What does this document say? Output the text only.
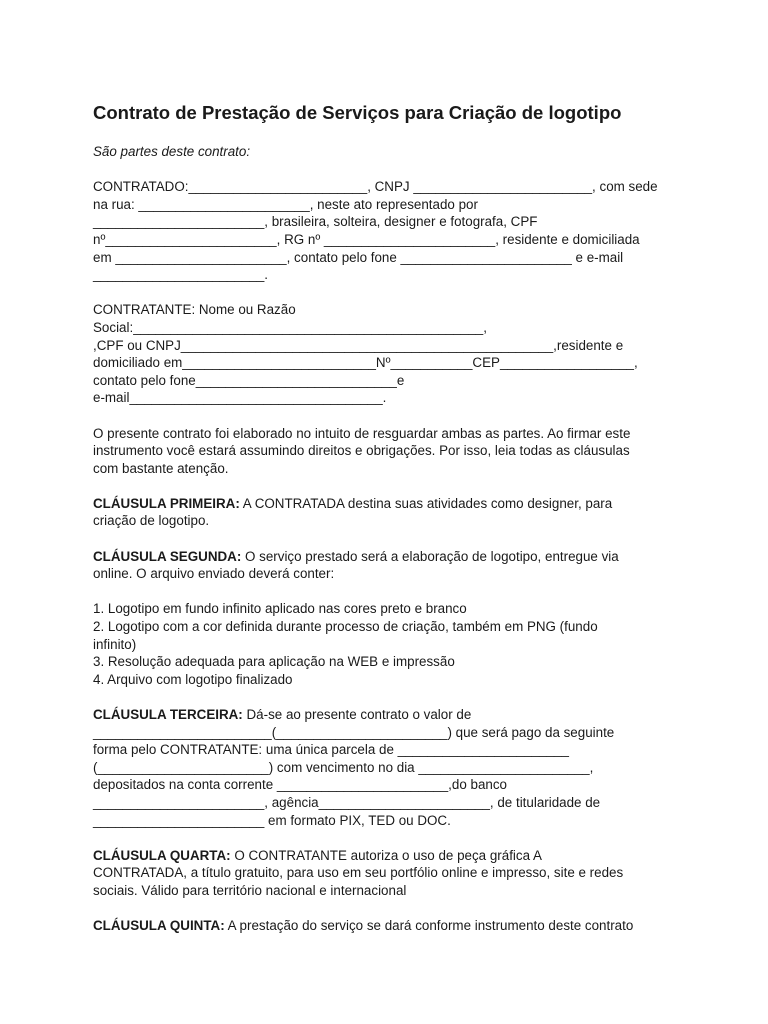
Contrato de Prestação de Serviços para Criação de logotipo

São partes deste contrato:

CONTRATADO:________________________, CNPJ ________________________, com sede
na rua: _______________________, neste ato representado por
_______________________, brasileira, solteira, designer e fotografa, CPF
nº_______________________, RG nº _______________________, residente e domiciliada
em _______________________, contato pelo fone _______________________ e e-mail
_______________________.
CONTRATANTE: Nome ou Razão
Social:_______________________________________________,
,CPF ou CNPJ__________________________________________________,residente e
domiciliado em__________________________Nº___________CEP__________________,
contato pelo fone___________________________e
e-mail__________________________________.
O presente contrato foi elaborado no intuito de resguardar ambas as partes. Ao firmar este
instrumento você estará assumindo direitos e obrigações. Por isso, leia todas as cláusulas
com bastante atenção.
CLÁUSULA PRIMEIRA: A CONTRATADA destina suas atividades como designer, para
criação de logotipo.
CLÁUSULA SEGUNDA: O serviço prestado será a elaboração de logotipo, entregue via
online. O arquivo enviado deverá conter:
1. Logotipo em fundo infinito aplicado nas cores preto e branco
2. Logotipo com a cor definida durante processo de criação, também em PNG (fundo
infinito)
3. Resolução adequada para aplicação na WEB e impressão
4. Arquivo com logotipo finalizado
CLÁUSULA TERCEIRA: Dá-se ao presente contrato o valor de
________________________(_______________________) que será pago da seguinte
forma pelo CONTRATANTE: uma única parcela de _______________________
(_______________________) com vencimento no dia _______________________,
depositados na conta corrente _______________________,do banco
_______________________, agência_______________________, de titularidade de
_______________________ em formato PIX, TED ou DOC.
CLÁUSULA QUARTA: O CONTRATANTE autoriza o uso de peça gráfica A
CONTRATADA, a título gratuito, para uso em seu portfólio online e impresso, site e redes
sociais. Válido para território nacional e internacional
CLÁUSULA QUINTA: A prestação do serviço se dará conforme instrumento deste contrato
